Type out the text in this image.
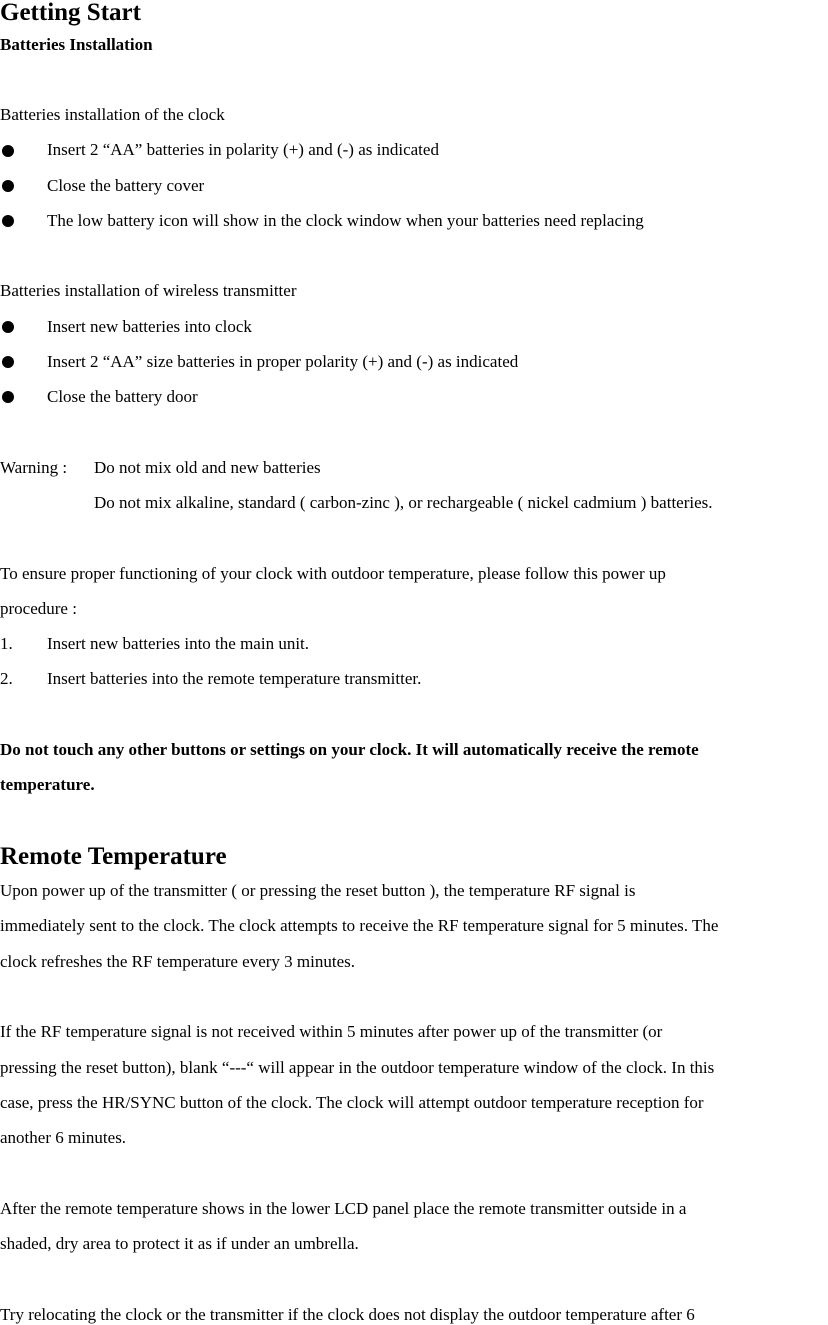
Getting Start
Batteries Installation
Batteries installation of the clock
Insert 2 “AA” batteries in polarity (+) and (-) as indicated
Close the battery cover
The low battery icon will show in the clock window when your batteries need replacing
Batteries installation of wireless transmitter
Insert new batteries into clock
Insert 2 “AA” size batteries in proper polarity (+) and (-) as indicated
Close the battery door
Warning : Do not mix old and new batteries
Do not mix alkaline, standard ( carbon-zinc ), or rechargeable ( nickel cadmium ) batteries.
To ensure proper functioning of your clock with outdoor temperature, please follow this power up
procedure :
1. Insert new batteries into the main unit.
2. Insert batteries into the remote temperature transmitter.
Do not touch any other buttons or settings on your clock. It will automatically receive the remote
temperature.
Remote Temperature
Upon power up of the transmitter ( or pressing the reset button ), the temperature RF signal is
immediately sent to the clock. The clock attempts to receive the RF temperature signal for 5 minutes. The
clock refreshes the RF temperature every 3 minutes.
If the RF temperature signal is not received within 5 minutes after power up of the transmitter (or
pressing the reset button), blank “---“ will appear in the outdoor temperature window of the clock. In this
case, press the HR/SYNC button of the clock. The clock will attempt outdoor temperature reception for
another 6 minutes.
After the remote temperature shows in the lower LCD panel place the remote transmitter outside in a
shaded, dry area to protect it as if under an umbrella.
Try relocating the clock or the transmitter if the clock does not display the outdoor temperature after 6
